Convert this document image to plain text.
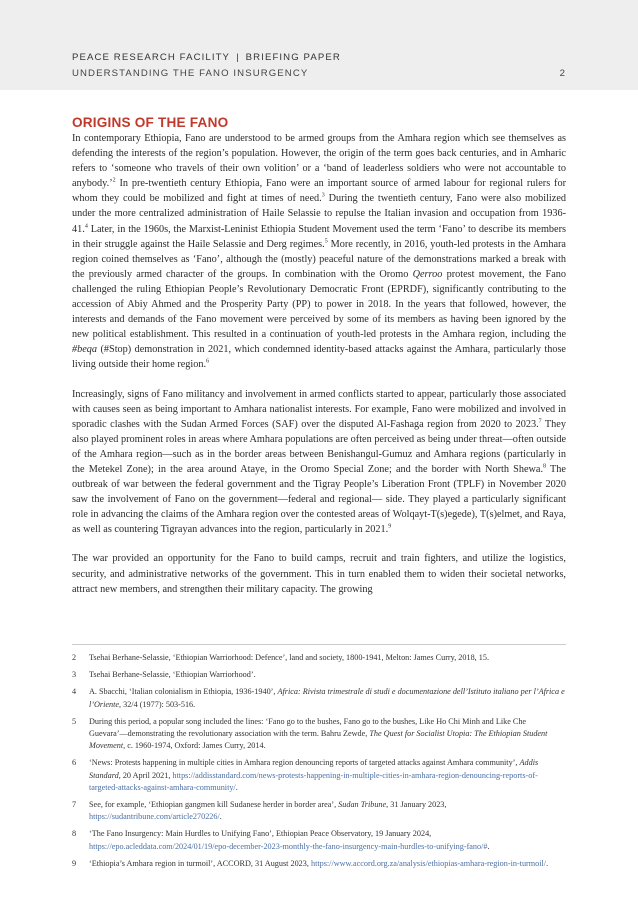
PEACE RESEARCH FACILITY | BRIEFING PAPER
UNDERSTANDING THE FANO INSURGENCY	2
ORIGINS OF THE FANO

In contemporary Ethiopia, Fano are understood to be armed groups from the Amhara region which see themselves as defending the interests of the region’s population. However, the origin of the term goes back centuries, and in Amharic refers to ‘someone who travels of their own volition’ or a ‘band of leaderless soldiers who were not accountable to anybody.’$^2$ In pre-twentieth century Ethiopia, Fano were an important source of armed labour for regional rulers for whom they could be mobilized and fight at times of need.$^3$ During the twentieth century, Fano were also mobilized under the more centralized administration of Haile Selassie to repulse the Italian invasion and occupation from 1936-41.$^4$ Later, in the 1960s, the Marxist-Leninist Ethiopia Student Movement used the term ‘Fano’ to describe its members in their struggle against the Haile Selassie and Derg regimes.$^5$ More recently, in 2016, youth-led protests in the Amhara region coined themselves as ‘Fano’, although the (mostly) peaceful nature of the demonstrations marked a break with the previously armed character of the groups. In combination with the Oromo Qerroo protest movement, the Fano challenged the ruling Ethiopian People’s Revolutionary Democratic Front (EPRDF), significantly contributing to the accession of Abiy Ahmed and the Prosperity Party (PP) to power in 2018. In the years that followed, however, the interests and demands of the Fano movement were perceived by some of its members as having been ignored by the new political establishment. This resulted in a continuation of youth-led protests in the Amhara region, including the #beqa (#Stop) demonstration in 2021, which condemned identity-based attacks against the Amhara, particularly those living outside their home region.$^6$

Increasingly, signs of Fano militancy and involvement in armed conflicts started to appear, particularly those associated with causes seen as being important to Amhara nationalist interests. For example, Fano were mobilized and involved in sporadic clashes with the Sudan Armed Forces (SAF) over the disputed Al-Fashaga region from 2020 to 2023.$^7$ They also played prominent roles in areas where Amhara populations are often perceived as being under threat—often outside of the Amhara region—such as in the border areas between Benishangul-Gumuz and Amhara regions (particularly in the Metekel Zone); in the area around Ataye, in the Oromo Special Zone; and the border with North Shewa.$^8$ The outbreak of war between the federal government and the Tigray People’s Liberation Front (TPLF) in November 2020 saw the involvement of Fano on the government—federal and regional— side. They played a particularly significant role in advancing the claims of the Amhara region over the contested areas of Wolqayt-T(s)egede), T(s)elmet, and Raya, as well as countering Tigrayan advances into the region, particularly in 2021.$^9$

The war provided an opportunity for the Fano to build camps, recruit and train fighters, and utilize the logistics, security, and administrative networks of the government. This in turn enabled them to widen their societal networks, attract new members, and strengthen their military capacity. The growing

2	Tsehai Berhane-Selassie, ‘Ethiopian Warriorhood: Defence’, land and society, 1800-1941, Melton: James Curry, 2018, 15.
3	Tsehai Berhane-Selassie, ‘Ethiopian Warriorhood’.
4	A. Sbacchi, ‘Italian colonialism in Ethiopia, 1936-1940’, Africa: Rivista trimestrale di studi e documentazione dell’Istituto italiano per l’Africa e l’Oriente, 32/4 (1977): 503-516.
5	During this period, a popular song included the lines: ‘Fano go to the bushes, Fano go to the bushes, Like Ho Chi Minh and Like Che Guevara’—demonstrating the revolutionary association with the term. Bahru Zewde, The Quest for Socialist Utopia: The Ethiopian Student Movement, c. 1960-1974, Oxford: James Curry, 2014.
6	‘News: Protests happening in multiple cities in Amhara region denouncing reports of targeted attacks against Amhara community’, Addis Standard, 20 April 2021, https://addisstandard.com/news-protests-happening-in-multiple-cities-in-amhara-region-denouncing-reports-of-targeted-attacks-against-amhara-community/.
7	See, for example, ‘Ethiopian gangmen kill Sudanese herder in border area’, Sudan Tribune, 31 January 2023, https://sudantribune.com/article270226/.
8	‘The Fano Insurgency: Main Hurdles to Unifying Fano’, Ethiopian Peace Observatory, 19 January 2024, https://epo.acleddata.com/2024/01/19/epo-december-2023-monthly-the-fano-insurgency-main-hurdles-to-unifying-fano/#.
9	‘Ethiopia’s Amhara region in turmoil’, ACCORD, 31 August 2023, https://www.accord.org.za/analysis/ethiopias-amhara-region-in-turmoil/.
